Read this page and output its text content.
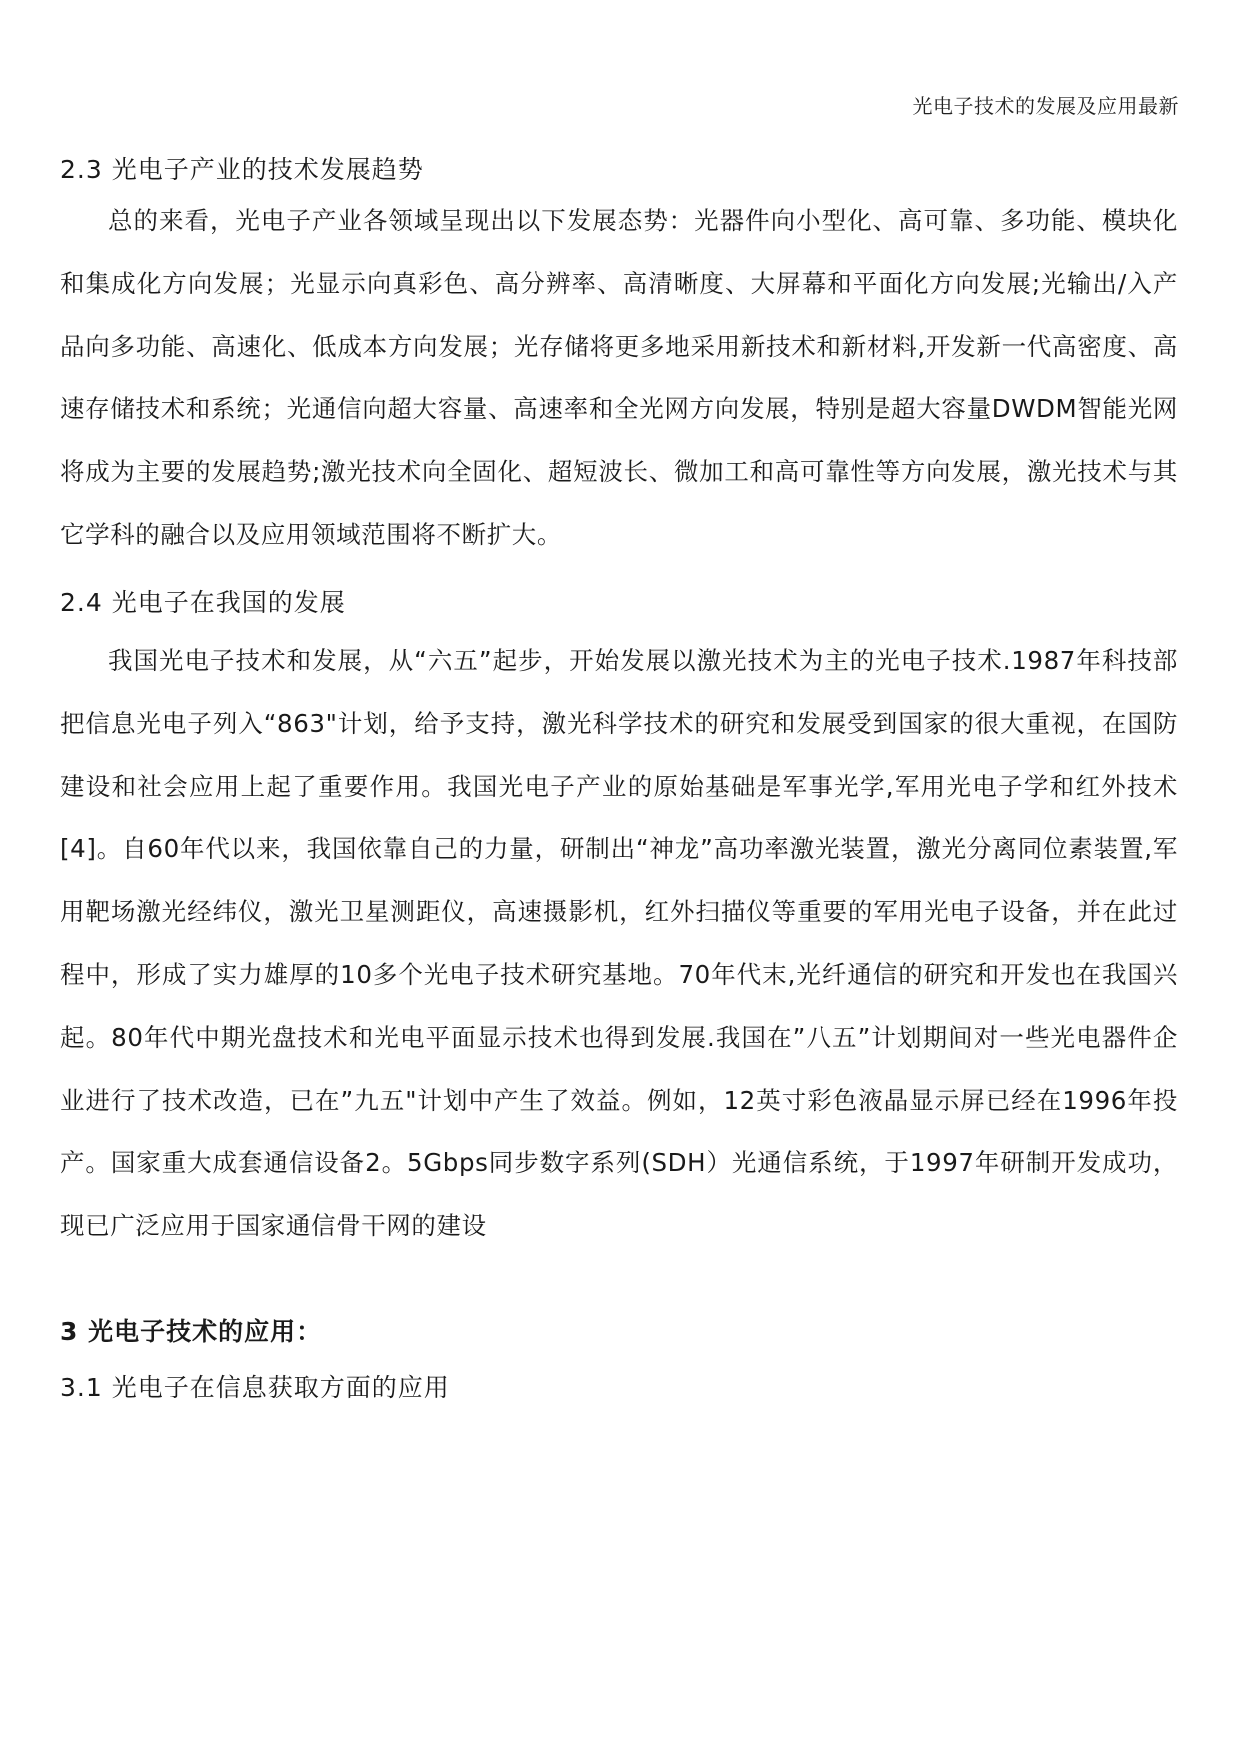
光电子技术的发展及应用最新
2.3 光电子产业的技术发展趋势

总的来看，光电子产业各领域呈现出以下发展态势：光器件向小型化、高可靠、多功能、模块化和集成化方向发展；光显示向真彩色、高分辨率、高清晰度、大屏幕和平面化方向发展;光输出/入产品向多功能、高速化、低成本方向发展；光存储将更多地采用新技术和新材料,开发新一代高密度、高速存储技术和系统；光通信向超大容量、高速率和全光网方向发展，特别是超大容量DWDM智能光网将成为主要的发展趋势;激光技术向全固化、超短波长、微加工和高可靠性等方向发展，激光技术与其它学科的融合以及应用领域范围将不断扩大。

2.4 光电子在我国的发展

我国光电子技术和发展，从“六五”起步，开始发展以激光技术为主的光电子技术.1987年科技部把信息光电子列入“863"计划，给予支持，激光科学技术的研究和发展受到国家的很大重视，在国防建设和社会应用上起了重要作用。我国光电子产业的原始基础是军事光学,军用光电子学和红外技术[4]。自60年代以来，我国依靠自己的力量，研制出“神龙”高功率激光装置，激光分离同位素装置,军用靶场激光经纬仪，激光卫星测距仪，高速摄影机，红外扫描仪等重要的军用光电子设备，并在此过程中，形成了实力雄厚的10多个光电子技术研究基地。70年代末,光纤通信的研究和开发也在我国兴起。80年代中期光盘技术和光电平面显示技术也得到发展.我国在”八五”计划期间对一些光电器件企业进行了技术改造，已在”九五"计划中产生了效益。例如，12英寸彩色液晶显示屏已经在1996年投产。国家重大成套通信设备2。5Gbps同步数字系列(SDH）光通信系统，于1997年研制开发成功，现已广泛应用于国家通信骨干网的建设

3 光电子技术的应用：
3.1 光电子在信息获取方面的应用
